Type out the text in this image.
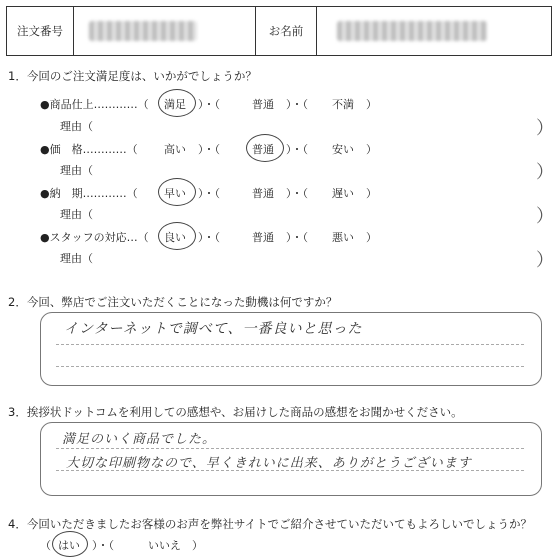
注文番号	お名前
1．今回のご注文満足度は、いかがでしょうか？
●商品仕上…………（ 満足 ）・（	普通 ）・（ 不満 ）
理由（	）
●価　格…………（ 高い ）・（	普通 ）・（ 安い ）
理由（	）
●納　期…………（ 早い ）・（	普通 ）・（ 遅い ）
理由（	）
●スタッフの対応…（ 良い ）・（	普通 ）・（ 悪い ）
理由（	）
2．今回、弊店でご注文いただくことになった動機は何ですか？
インターネットで調べて、一番良いと思った
3．挨拶状ドットコムを利用しての感想や、お届けした商品の感想をお聞かせください。
満足のいく商品でした。
大切な印刷物なので、早くきれいに出来、ありがとうございます
4．今回いただきましたお客様のお声を弊社サイトでご紹介させていただいてもよろしいでしょうか？
（ はい ）・（	いいえ ）
